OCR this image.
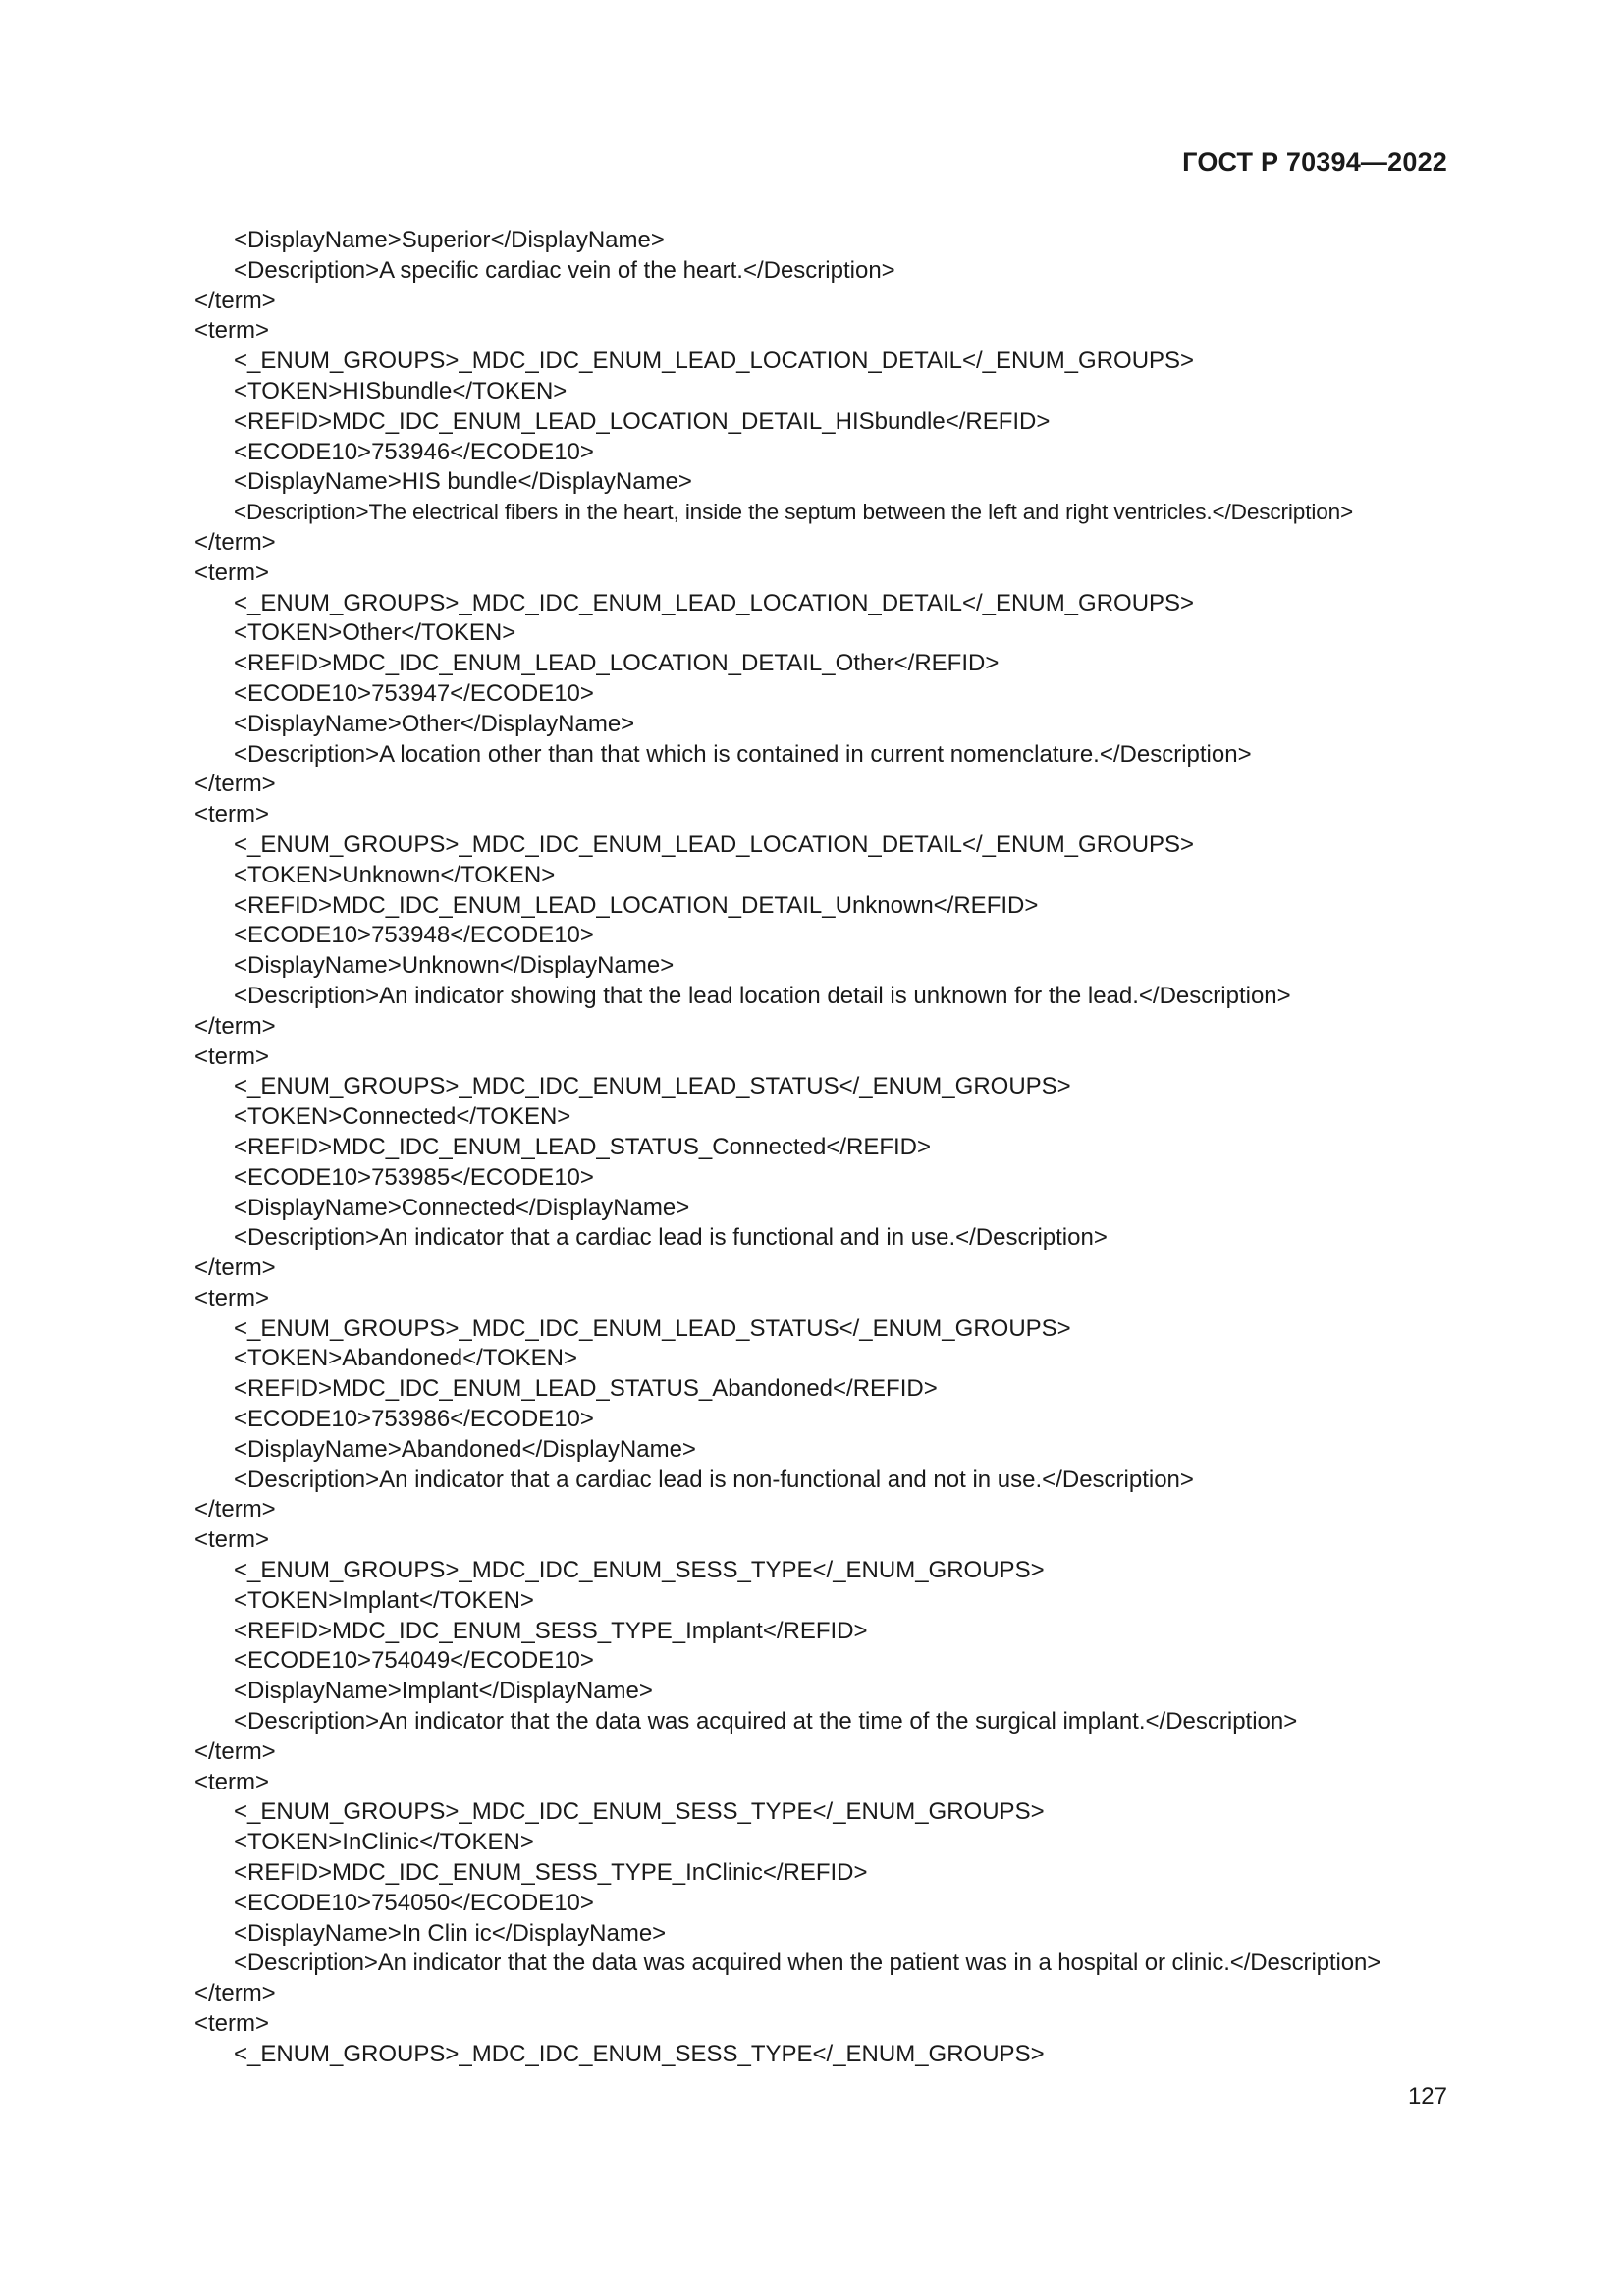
ГОСТ Р 70394—2022
<DisplayName>Superior</DisplayName>
<Description>A specific cardiac vein of the heart.</Description>
</term>
<term>
<_ENUM_GROUPS>_MDC_IDC_ENUM_LEAD_LOCATION_DETAIL</_ENUM_GROUPS>
<TOKEN>HISbundle</TOKEN>
<REFID>MDC_IDC_ENUM_LEAD_LOCATION_DETAIL_HISbundle</REFID>
<ECODE10>753946</ECODE10>
<DisplayName>HIS bundle</DisplayName>
<Description>The electrical fibers in the heart, inside the septum between the left and right ventricles.</Description>
</term>
<term>
<_ENUM_GROUPS>_MDC_IDC_ENUM_LEAD_LOCATION_DETAIL</_ENUM_GROUPS>
<TOKEN>Other</TOKEN>
<REFID>MDC_IDC_ENUM_LEAD_LOCATION_DETAIL_Other</REFID>
<ECODE10>753947</ECODE10>
<DisplayName>Other</DisplayName>
<Description>A location other than that which is contained in current nomenclature.</Description>
</term>
<term>
<_ENUM_GROUPS>_MDC_IDC_ENUM_LEAD_LOCATION_DETAIL</_ENUM_GROUPS>
<TOKEN>Unknown</TOKEN>
<REFID>MDC_IDC_ENUM_LEAD_LOCATION_DETAIL_Unknown</REFID>
<ECODE10>753948</ECODE10>
<DisplayName>Unknown</DisplayName>
<Description>An indicator showing that the lead location detail is unknown for the lead.</Description>
</term>
<term>
<_ENUM_GROUPS>_MDC_IDC_ENUM_LEAD_STATUS</_ENUM_GROUPS>
<TOKEN>Connected</TOKEN>
<REFID>MDC_IDC_ENUM_LEAD_STATUS_Connected</REFID>
<ECODE10>753985</ECODE10>
<DisplayName>Connected</DisplayName>
<Description>An indicator that a cardiac lead is functional and in use.</Description>
</term>
<term>
<_ENUM_GROUPS>_MDC_IDC_ENUM_LEAD_STATUS</_ENUM_GROUPS>
<TOKEN>Abandoned</TOKEN>
<REFID>MDC_IDC_ENUM_LEAD_STATUS_Abandoned</REFID>
<ECODE10>753986</ECODE10>
<DisplayName>Abandoned</DisplayName>
<Description>An indicator that a cardiac lead is non-functional and not in use.</Description>
</term>
<term>
<_ENUM_GROUPS>_MDC_IDC_ENUM_SESS_TYPE</_ENUM_GROUPS>
<TOKEN>Implant</TOKEN>
<REFID>MDC_IDC_ENUM_SESS_TYPE_Implant</REFID>
<ECODE10>754049</ECODE10>
<DisplayName>Implant</DisplayName>
<Description>An indicator that the data was acquired at the time of the surgical implant.</Description>
</term>
<term>
<_ENUM_GROUPS>_MDC_IDC_ENUM_SESS_TYPE</_ENUM_GROUPS>
<TOKEN>InClinic</TOKEN>
<REFID>MDC_IDC_ENUM_SESS_TYPE_InClinic</REFID>
<ECODE10>754050</ECODE10>
<DisplayName>In Clin ic</DisplayName>
<Description>An indicator that the data was acquired when the patient was in a hospital or clinic.</Description>
</term>
<term>
<_ENUM_GROUPS>_MDC_IDC_ENUM_SESS_TYPE</_ENUM_GROUPS>
127
